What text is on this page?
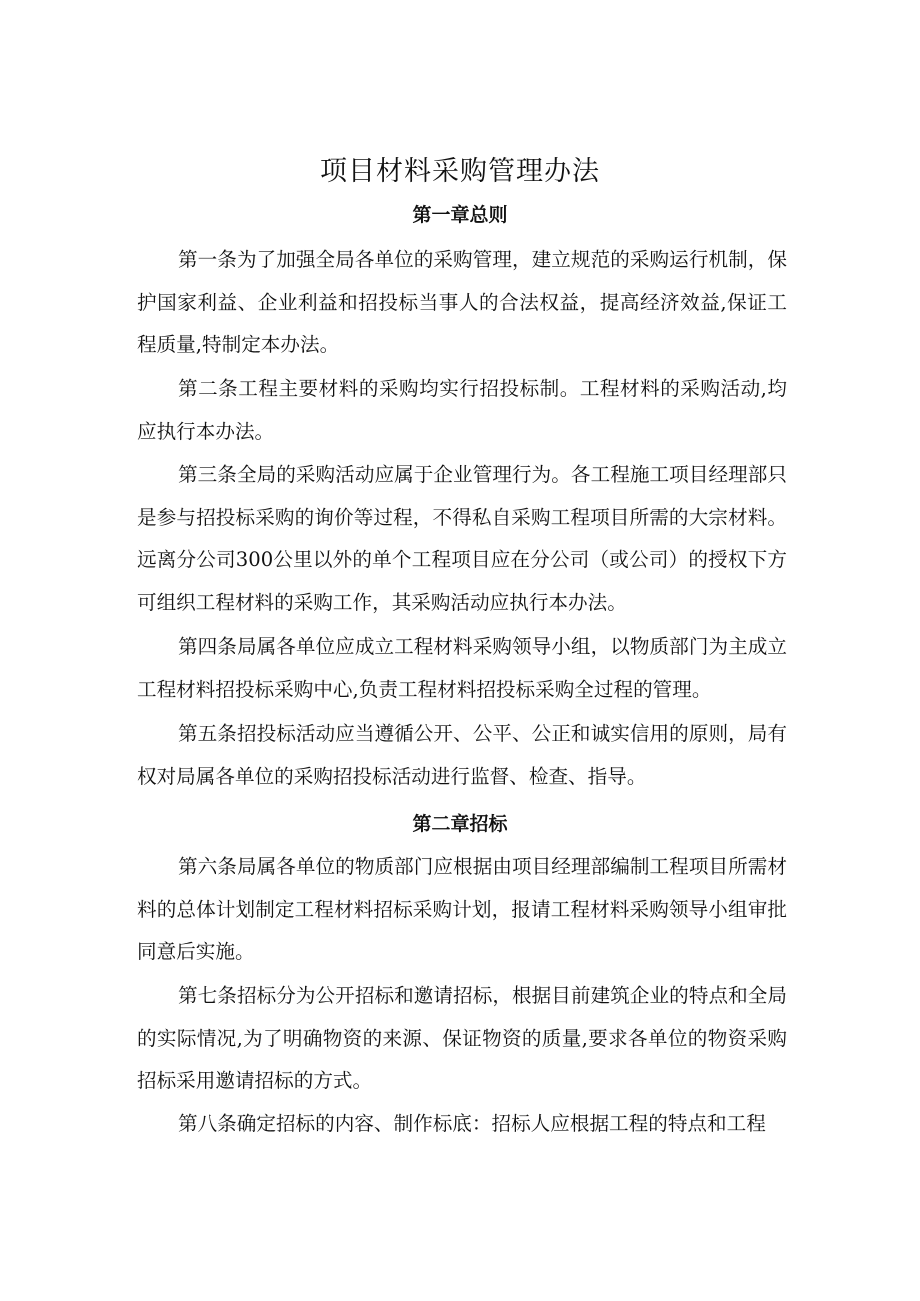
项目材料采购管理办法
第一章总则

第一条为了加强全局各单位的采购管理，建立规范的采购运行机制，保护国家利益、企业利益和招投标当事人的合法权益，提高经济效益,保证工程质量,特制定本办法。

第二条工程主要材料的采购均实行招投标制。工程材料的采购活动,均应执行本办法。

第三条全局的采购活动应属于企业管理行为。各工程施工项目经理部只是参与招投标采购的询价等过程，不得私自采购工程项目所需的大宗材料。远离分公司300公里以外的单个工程项目应在分公司（或公司）的授权下方可组织工程材料的采购工作，其采购活动应执行本办法。

第四条局属各单位应成立工程材料采购领导小组，以物质部门为主成立工程材料招投标采购中心,负责工程材料招投标采购全过程的管理。

第五条招投标活动应当遵循公开、公平、公正和诚实信用的原则，局有权对局属各单位的采购招投标活动进行监督、检查、指导。

第二章招标

第六条局属各单位的物质部门应根据由项目经理部编制工程项目所需材料的总体计划制定工程材料招标采购计划，报请工程材料采购领导小组审批同意后实施。

第七条招标分为公开招标和邀请招标，根据目前建筑企业的特点和全局的实际情况,为了明确物资的来源、保证物资的质量,要求各单位的物资采购招标采用邀请招标的方式。

第八条确定招标的内容、制作标底：招标人应根据工程的特点和工程
